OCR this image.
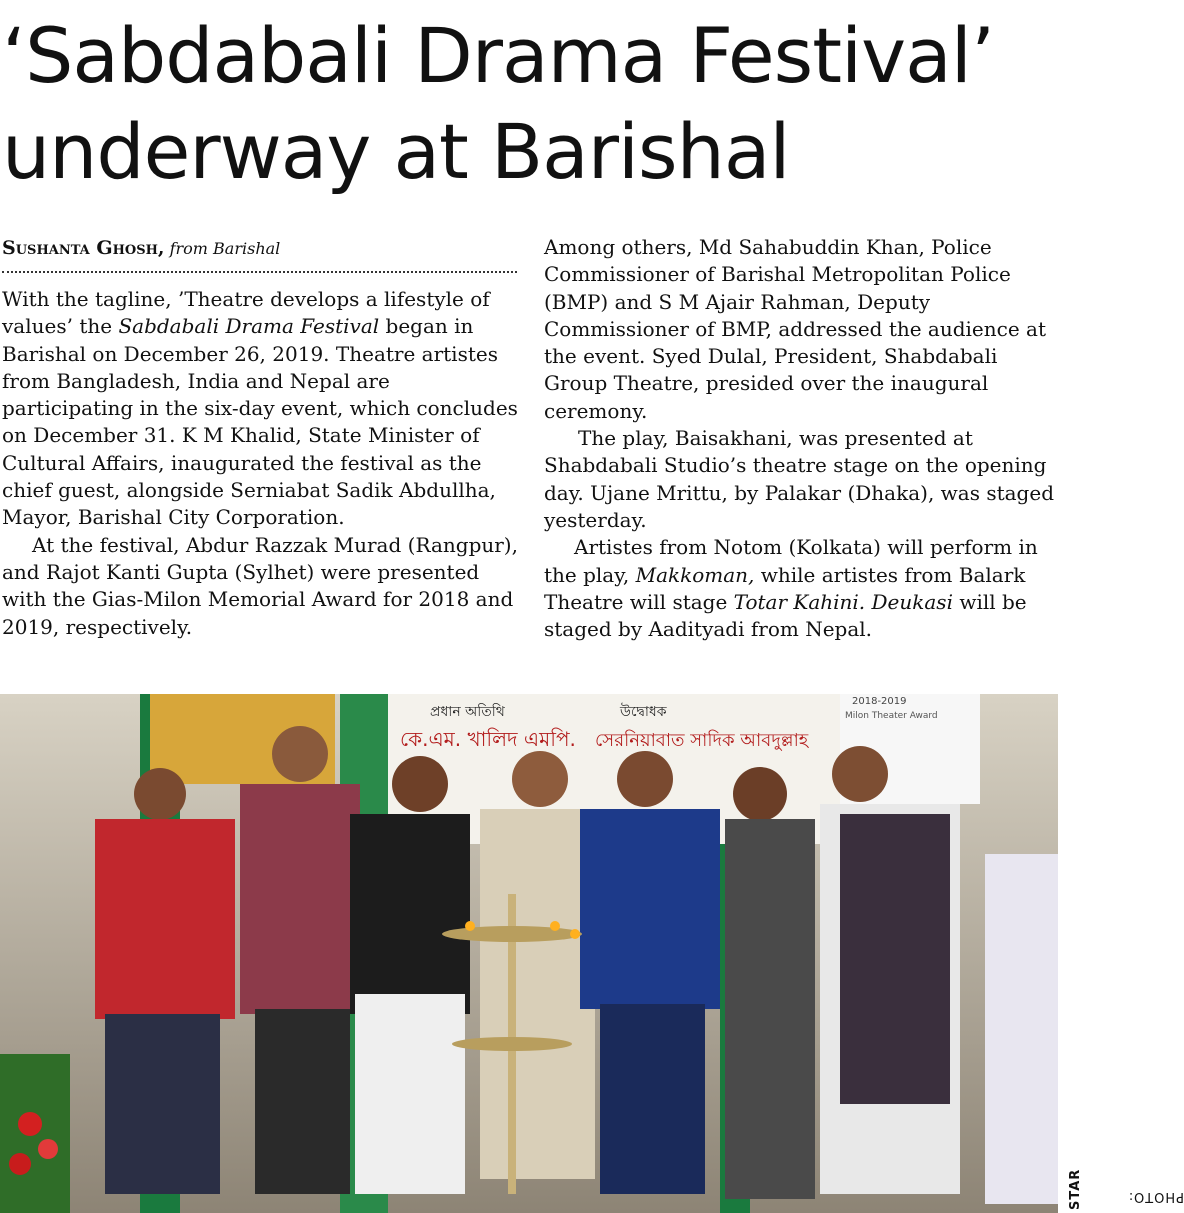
‘Sabdabali Drama Festival’
underway at Barishal
Sushanta Ghosh, from Barishal

With the tagline, ’Theatre develops a lifestyle of values’ the Sabdabali Drama Festival began in Barishal on December 26, 2019. Theatre artistes from Bangladesh, India and Nepal are participating in the six-day event, which concludes on December 31. K M Khalid, State Minister of Cultural Affairs, inaugurated the festival as the chief guest, alongside Serniabat Sadik Abdullha, Mayor, Barishal City Corporation.

At the festival, Abdur Razzak Murad (Rangpur), and Rajot Kanti Gupta (Sylhet) were presented with the Gias-Milon Memorial Award for 2018 and 2019, respectively.

Among others, Md Sahabuddin Khan, Police Commissioner of Barishal Metropolitan Police (BMP) and S M Ajair Rahman, Deputy Commissioner of BMP, addressed the audience at the event. Syed Dulal, President, Shabdabali Group Theatre, presided over the inaugural ceremony.

The play, Baisakhani, was presented at Shabdabali Studio’s theatre stage on the opening day. Ujane Mrittu, by Palakar (Dhaka), was staged yesterday.

Artistes from Notom (Kolkata) will perform in the play, Makkoman, while artistes from Balark Theatre will stage Totar Kahini. Deukasi will be staged by Aadityadi from Nepal.

প্রধান অতিথি	উদ্বোধক
কে.এম. খালিদ এমপি. সেরনিয়াবাত সাদিক আবদুল্লাহ
2018-2019
Milon Theater Award
PHOTO:
STAR
